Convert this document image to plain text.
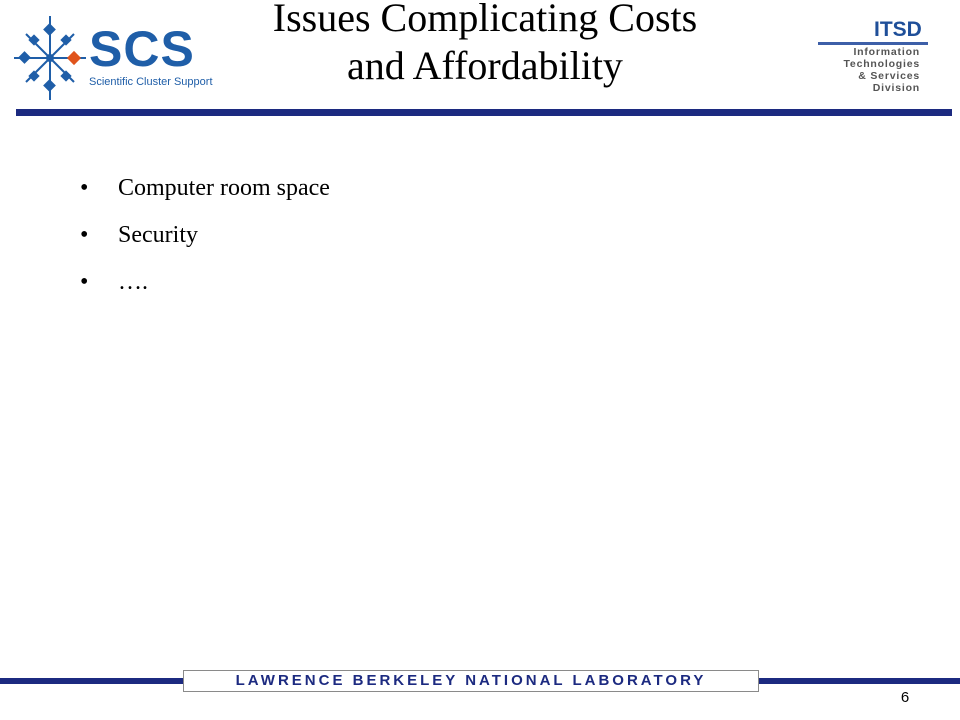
SCS
Scientific Cluster Support
Issues Complicating Costs
and Affordability
ITSD
Information
Technologies
& Services
Division
• Computer room space
• Security
• ….
LAWRENCE BERKELEY NATIONAL LABORATORY
6
